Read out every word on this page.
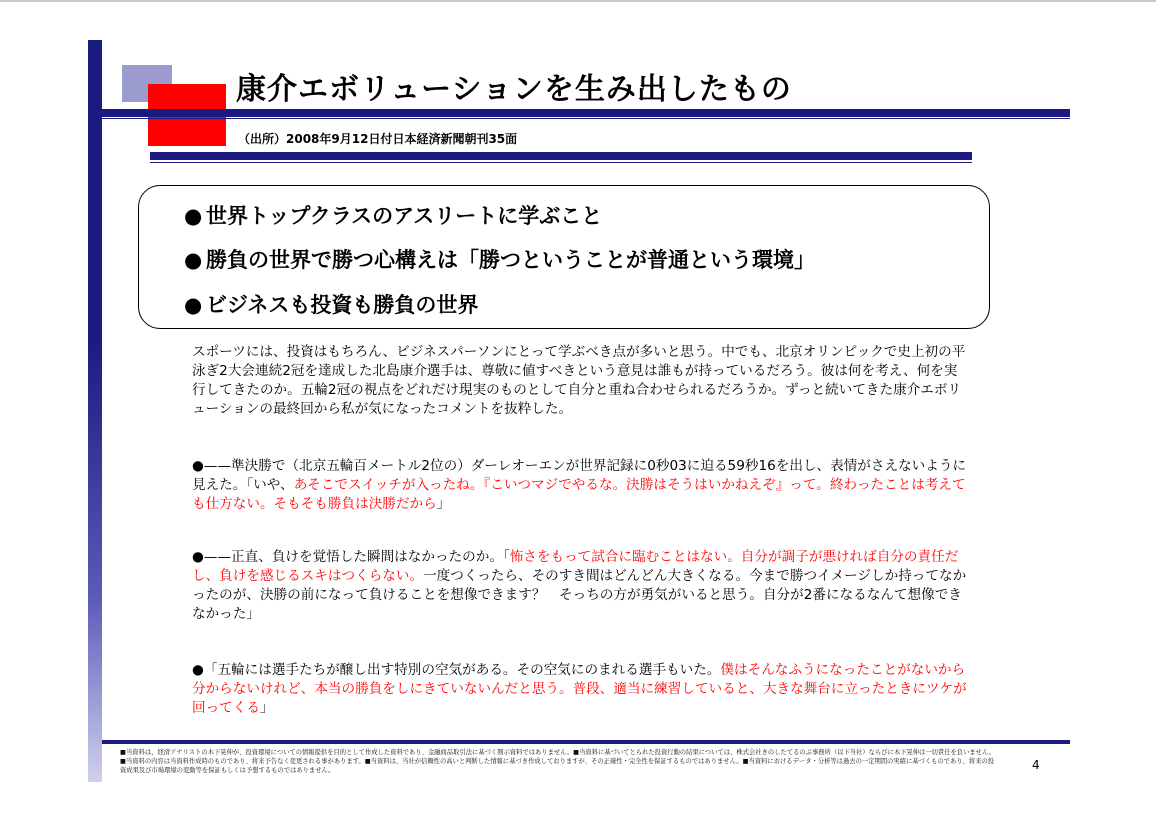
康介エボリューションを生み出したもの
（出所）2008年9月12日付日本経済新聞朝刊35面
● 世界トップクラスのアスリートに学ぶこと
● 勝負の世界で勝つ心構えは「勝つということが普通という環境」
● ビジネスも投資も勝負の世界

スポーツには、投資はもちろん、ビジネスパーソンにとって学ぶべき点が多いと思う。中でも、北京オリンピックで史上初の平泳ぎ2大会連続2冠を達成した北島康介選手は、尊敬に値すべきという意見は誰もが持っているだろう。彼は何を考え、何を実行してきたのか。五輪2冠の視点をどれだけ現実のものとして自分と重ね合わせられるだろうか。ずっと続いてきた康介エボリューションの最終回から私が気になったコメントを抜粋した。

●——準決勝で（北京五輪百メートル2位の）ダーレオーエンが世界記録に0秒03に迫る59秒16を出し、表情がさえないように見えた。「いや、あそこでスイッチが入ったね。『こいつマジでやるな。決勝はそうはいかねえぞ』って。終わったことは考えても仕方ない。そもそも勝負は決勝だから」

●——正直、負けを覚悟した瞬間はなかったのか。「怖さをもって試合に臨むことはない。自分が調子が悪ければ自分の責任だし、負けを感じるスキはつくらない。一度つくったら、そのすき間はどんどん大きくなる。今まで勝つイメージしか持ってなかったのが、決勝の前になって負けることを想像できます？　そっちの方が勇気がいると思う。自分が2番になるなんて想像できなかった」

●「五輪には選手たちが醸し出す特別の空気がある。その空気にのまれる選手もいた。僕はそんなふうになったことがないから分からないけれど、本当の勝負をしにきていないんだと思う。普段、適当に練習していると、大きな舞台に立ったときにツケが回ってくる」

■当資料は、経済アナリストの木下晃伸が、投資環境についての情報提供を目的として作成した資料であり、金融商品取引法に基づく開示資料ではありません。■当資料に基づいてとられた投資行動の結果については、株式会社きのしたてるのぶ事務所（以下当社）ならびに木下晃伸は一切責任を負いません。■当資料の内容は当資料作成時のものであり、将来予告なく変更される事があります。■当資料は、当社が信頼性の高いと判断した情報に基づき作成しておりますが、その正確性・完全性を保証するものではありません。■当資料におけるデータ・分析等は過去の一定期間の実績に基づくものであり、将来の投資成果及び市場環境の変動等を保証もしくは予想するものではありません。	4
